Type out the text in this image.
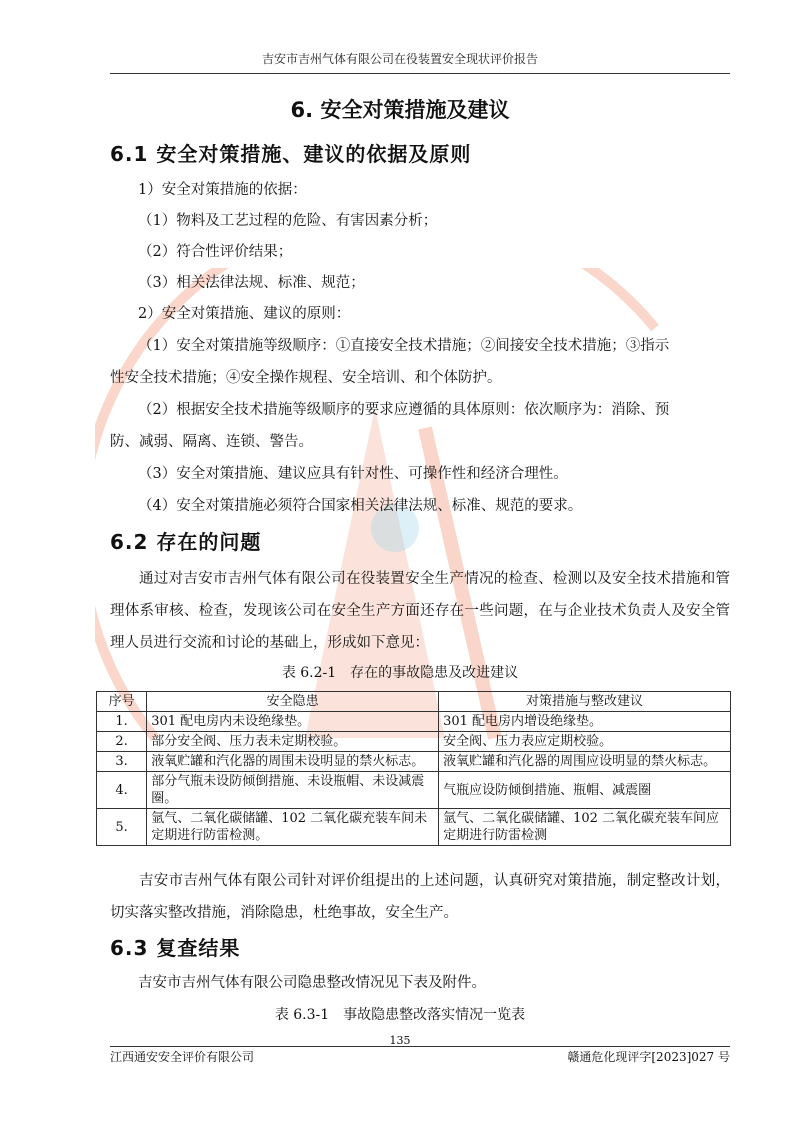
吉安市吉州气体有限公司在役装置安全现状评价报告
6. 安全对策措施及建议
6.1 安全对策措施、建议的依据及原则
1）安全对策措施的依据：
（1）物料及工艺过程的危险、有害因素分析；
（2）符合性评价结果；
（3）相关法律法规、标准、规范；
2）安全对策措施、建议的原则：
（1）安全对策措施等级顺序：①直接安全技术措施；②间接安全技术措施；③指示
性安全技术措施；④安全操作规程、安全培训、和个体防护。
（2）根据安全技术措施等级顺序的要求应遵循的具体原则：依次顺序为：消除、预
防、减弱、隔离、连锁、警告。
（3）安全对策措施、建议应具有针对性、可操作性和经济合理性。
（4）安全对策措施必须符合国家相关法律法规、标准、规范的要求。
6.2 存在的问题
通过对吉安市吉州气体有限公司在役装置安全生产情况的检查、检测以及安全技术措施和管理体系审核、检查，发现该公司在安全生产方面还存在一些问题，在与企业技术负责人及安全管理人员进行交流和讨论的基础上，形成如下意见：
表 6.2-1　存在的事故隐患及改进建议
序号	安全隐患	对策措施与整改建议
1.	301 配电房内未设绝缘垫。	301 配电房内增设绝缘垫。
2.	部分安全阀、压力表未定期校验。	安全阀、压力表应定期校验。
3.	液氧贮罐和汽化器的周围未设明显的禁火标志。	液氧贮罐和汽化器的周围应设明显的禁火标志。
4.	部分气瓶未设防倾倒措施、未设瓶帽、未设减震圈。	气瓶应设防倾倒措施、瓶帽、减震圈
5.	氩气、二氧化碳储罐、102 二氧化碳充装车间未定期进行防雷检测。	氩气、二氧化碳储罐、102 二氧化碳充装车间应定期进行防雷检测
吉安市吉州气体有限公司针对评价组提出的上述问题，认真研究对策措施，制定整改计划，切实落实整改措施，消除隐患，杜绝事故，安全生产。
6.3 复查结果
吉安市吉州气体有限公司隐患整改情况见下表及附件。
表 6.3-1　事故隐患整改落实情况一览表
135
江西通安安全评价有限公司	赣通危化现评字[2023]027 号
